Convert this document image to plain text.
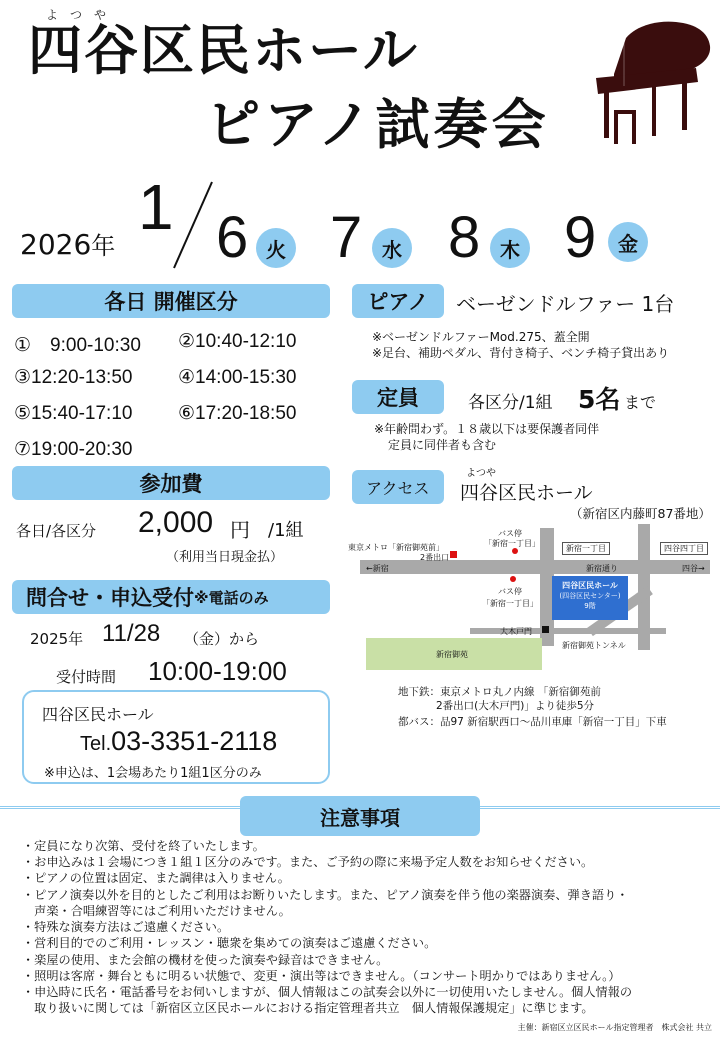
よ　つ　や
四谷区民ホール
ピアノ試奏会
2026年
1 6 火 7 水 8 木 9	金
各日 開催区分
①　9:00-10:30 ②10:40-12:10
③12:20-13:50 ④14:00-15:30
⑤15:40-17:10 ⑥17:20-18:50
⑦19:00-20:30
参加費
各日/各区分 2,000 円 /1組
（利用当日現金払）
問合せ・申込受付 ※電話のみ
2025年 11/28 （金）から
受付時間 10:00-19:00
四谷区民ホール
Tel.03-3351-2118
※申込は、1会場あたり1組1区分のみ
ピアノ	ベーゼンドルファー 1台
※ベーゼンドルファーMod.275、蓋全開
※足台、補助ペダル、背付き椅子、ベンチ椅子貸出あり
定員	各区分/1組 5名 まで
※年齢問わず。１８歳以下は要保護者同伴
定員に同伴者も含む
アクセス
よつや
四谷区民ホール
（新宿区内藤町87番地）
新宿御苑
四谷区民ホール
(四谷区民センター)
9階
東京メトロ「新宿御苑前」
2番出口
バス停
「新宿一丁目」
バス停
「新宿一丁目」
新宿一丁目	四谷四丁目
←新宿	新宿通り	四谷→
大木戸門
新宿御苑トンネル
地下鉄：東京メトロ丸ノ内線 「新宿御苑前
2番出口(大木戸門)」より徒歩5分
都バス：品97 新宿駅西口～品川車庫「新宿一丁目」下車
注意事項
・定員になり次第、受付を終了いたします。
・お申込みは１会場につき１組１区分のみです。また、ご予約の際に来場予定人数をお知らせください。
・ピアノの位置は固定、また調律は入りません。
・ピアノ演奏以外を目的としたご利用はお断りいたします。また、ピアノ演奏を伴う他の楽器演奏、弾き語り・
　声楽・合唱練習等にはご利用いただけません。
・特殊な演奏方法はご遠慮ください。
・営利目的でのご利用・レッスン・聴衆を集めての演奏はご遠慮ください。
・楽屋の使用、また会館の機材を使った演奏や録音はできません。
・照明は客席・舞台ともに明るい状態で、変更・演出等はできません。（コンサート明かりではありません。）
・申込時に氏名・電話番号をお伺いしますが、個人情報はこの試奏会以外に一切使用いたしません。個人情報の
　取り扱いに関しては「新宿区立区民ホールにおける指定管理者共立　個人情報保護規定」に準じます。
主催：新宿区立区民ホール指定管理者　株式会社 共立
